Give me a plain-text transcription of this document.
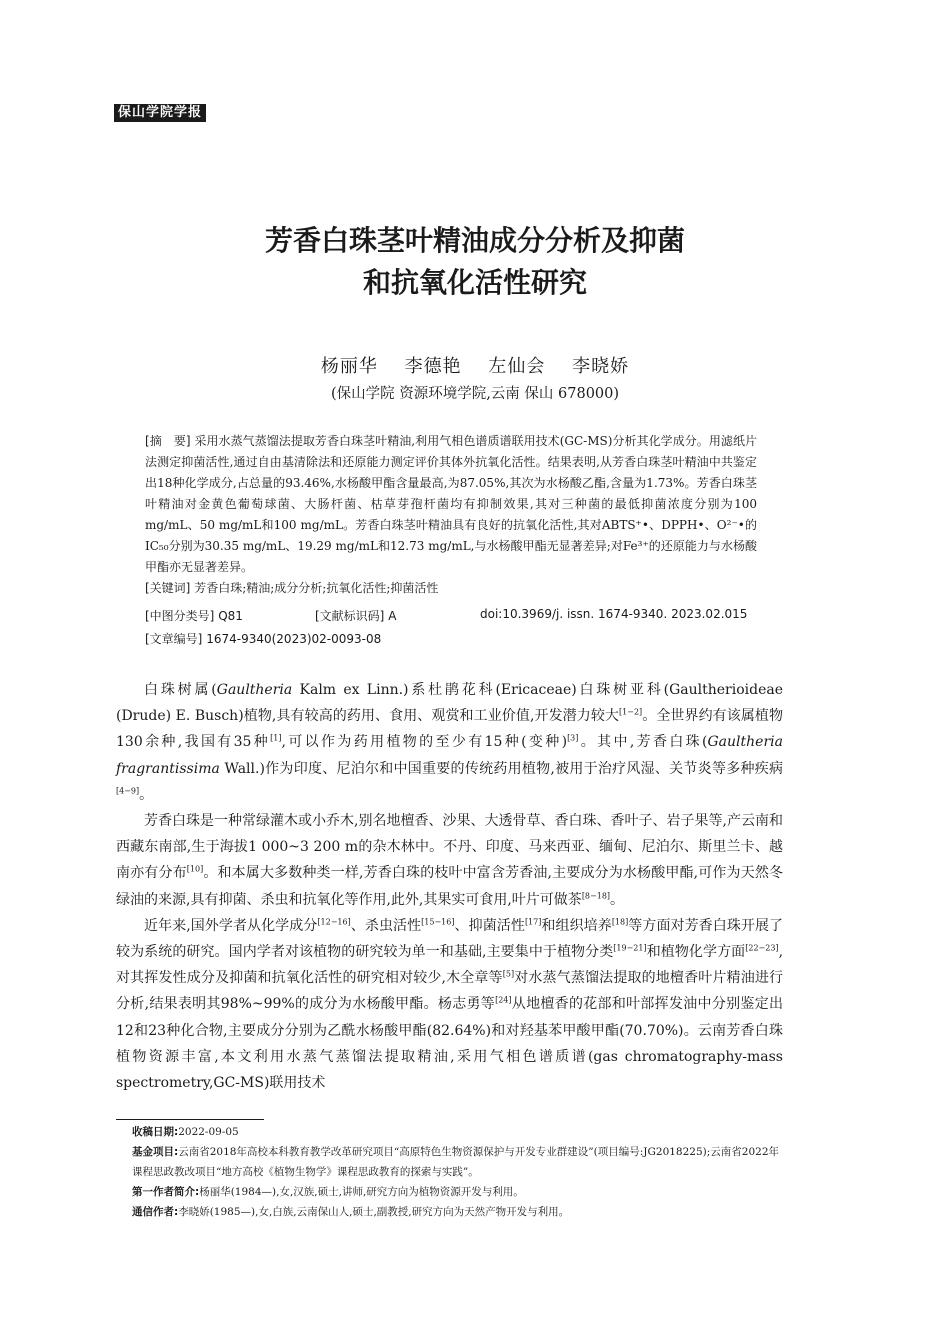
保山学院学报
芳香白珠茎叶精油成分分析及抑菌
和抗氧化活性研究
杨丽华 李德艳 左仙会 李晓娇
(保山学院 资源环境学院,云南 保山 678000)

[摘　要] 采用水蒸气蒸馏法提取芳香白珠茎叶精油,利用气相色谱质谱联用技术(GC-MS)分析其化学成分。用滤纸片法测定抑菌活性,通过自由基清除法和还原能力测定评价其体外抗氧化活性。结果表明,从芳香白珠茎叶精油中共鉴定出18种化学成分,占总量的93.46%,水杨酸甲酯含量最高,为87.05%,其次为水杨酸乙酯,含量为1.73%。芳香白珠茎叶精油对金黄色葡萄球菌、大肠杆菌、枯草芽孢杆菌均有抑制效果,其对三种菌的最低抑菌浓度分别为100 mg/mL、50 mg/mL和100 mg/mL。芳香白珠茎叶精油具有良好的抗氧化活性,其对ABTS⁺•、DPPH•、O²⁻•的IC₅₀分别为30.35 mg/mL、19.29 mg/mL和12.73 mg/mL,与水杨酸甲酯无显著差异;对Fe³⁺的还原能力与水杨酸甲酯亦无显著差异。

[关键词] 芳香白珠;精油;成分分析;抗氧化活性;抑菌活性

[中图分类号] Q81	[文献标识码] A	doi:10.3969/j. issn. 1674-9340. 2023.02.015
[文章编号] 1674-9340(2023)02-0093-08

白珠树属(Gaultheria Kalm ex Linn.)系杜鹃花科(Ericaceae)白珠树亚科(Gaultherioideae (Drude) E. Busch)植物,具有较高的药用、食用、观赏和工业价值,开发潜力较大[1−2]。全世界约有该属植物130余种,我国有35种[1],可以作为药用植物的至少有15种(变种)[3]。其中,芳香白珠(Gaultheria fragrantissima Wall.)作为印度、尼泊尔和中国重要的传统药用植物,被用于治疗风湿、关节炎等多种疾病[4−9]。

芳香白珠是一种常绿灌木或小乔木,别名地檀香、沙果、大透骨草、香白珠、香叶子、岩子果等,产云南和西藏东南部,生于海拔1 000~3 200 m的杂木林中。不丹、印度、马来西亚、缅甸、尼泊尔、斯里兰卡、越南亦有分布[10]。和本属大多数种类一样,芳香白珠的枝叶中富含芳香油,主要成分为水杨酸甲酯,可作为天然冬绿油的来源,具有抑菌、杀虫和抗氧化等作用,此外,其果实可食用,叶片可做茶[8−18]。

近年来,国外学者从化学成分[12−16]、杀虫活性[15−16]、抑菌活性[17]和组织培养[18]等方面对芳香白珠开展了较为系统的研究。国内学者对该植物的研究较为单一和基础,主要集中于植物分类[19−21]和植物化学方面[22−23],对其挥发性成分及抑菌和抗氧化活性的研究相对较少,木全章等[5]对水蒸气蒸馏法提取的地檀香叶片精油进行分析,结果表明其98%~99%的成分为水杨酸甲酯。杨志勇等[24]从地檀香的花部和叶部挥发油中分别鉴定出12和23种化合物,主要成分分别为乙酰水杨酸甲酯(82.64%)和对羟基苯甲酸甲酯(70.70%)。云南芳香白珠植物资源丰富,本文利用水蒸气蒸馏法提取精油,采用气相色谱质谱(gas chromatography-mass spectrometry,GC-MS)联用技术

收稿日期:2022-09-05

基金项目:云南省2018年高校本科教育教学改革研究项目“高原特色生物资源保护与开发专业群建设”(项目编号:JG2018225);云南省2022年课程思政教改项目“地方高校《植物生物学》课程思政教育的探索与实践”。

第一作者简介:杨丽华(1984—),女,汉族,硕士,讲师,研究方向为植物资源开发与利用。

通信作者:李晓娇(1985—),女,白族,云南保山人,硕士,副教授,研究方向为天然产物开发与利用。
